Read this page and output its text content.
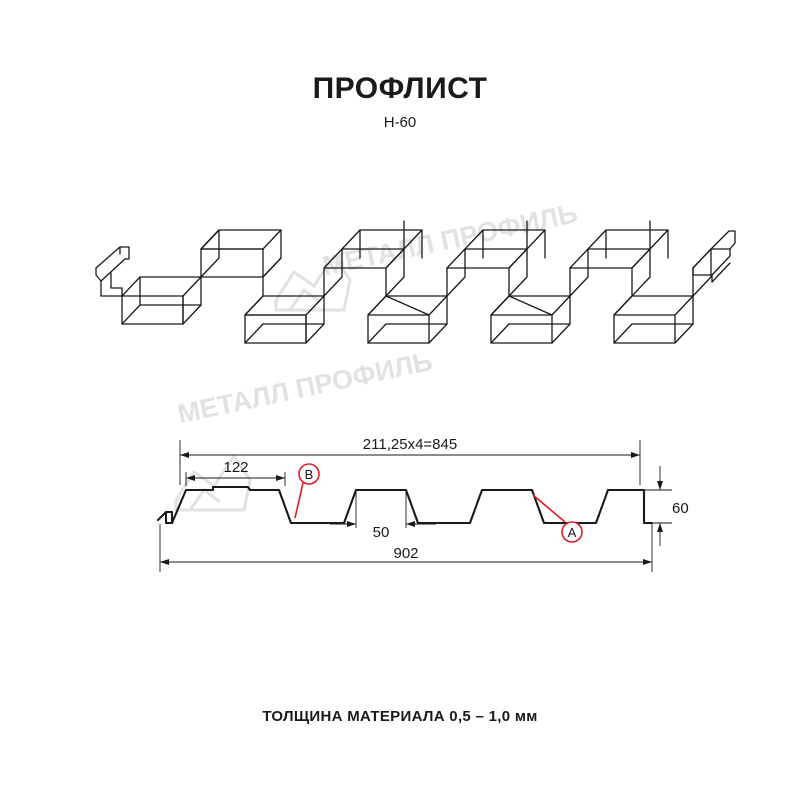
ПРОФЛИСТ
Н-60
МЕТАЛЛ ПРОФИЛЬ
МЕТАЛЛ ПРОФИЛЬ
B
A
211,25х4=845
122
50
60
902
ТОЛЩИНА МАТЕРИАЛА 0,5 – 1,0 мм
